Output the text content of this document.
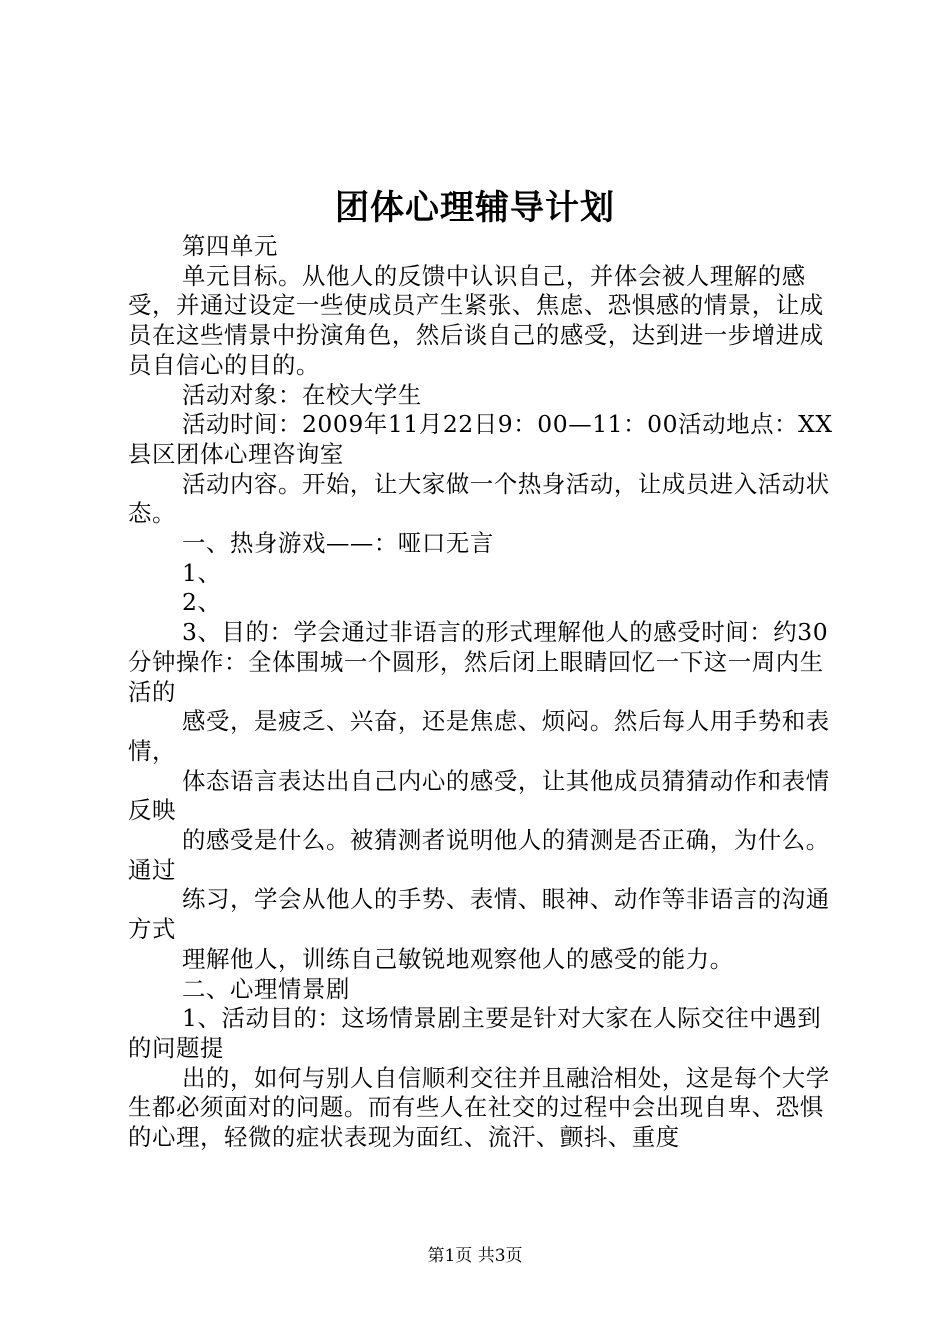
团体心理辅导计划

第四单元

单元目标。从他人的反馈中认识自己，并体会被人理解的感受，并通过设定一些使成员产生紧张、焦虑、恐惧感的情景，让成员在这些情景中扮演角色，然后谈自己的感受，达到进一步增进成员自信心的目的。

活动对象：在校大学生

活动时间：2009年11月22日9：00—11：00活动地点：XX县区团体心理咨询室

活动内容。开始，让大家做一个热身活动，让成员进入活动状态。

一、热身游戏——：哑口无言

1、

2、

3、目的：学会通过非语言的形式理解他人的感受时间：约30分钟操作：全体围城一个圆形，然后闭上眼睛回忆一下这一周内生活的

感受，是疲乏、兴奋，还是焦虑、烦闷。然后每人用手势和表情，

体态语言表达出自己内心的感受，让其他成员猜猜动作和表情反映

的感受是什么。被猜测者说明他人的猜测是否正确，为什么。通过

练习，学会从他人的手势、表情、眼神、动作等非语言的沟通方式

理解他人，训练自己敏锐地观察他人的感受的能力。

二、心理情景剧

1、活动目的：这场情景剧主要是针对大家在人际交往中遇到的问题提

出的，如何与别人自信顺利交往并且融洽相处，这是每个大学生都必须面对的问题。而有些人在社交的过程中会出现自卑、恐惧的心理，轻微的症状表现为面红、流汗、颤抖、重度

第1页 共3页
